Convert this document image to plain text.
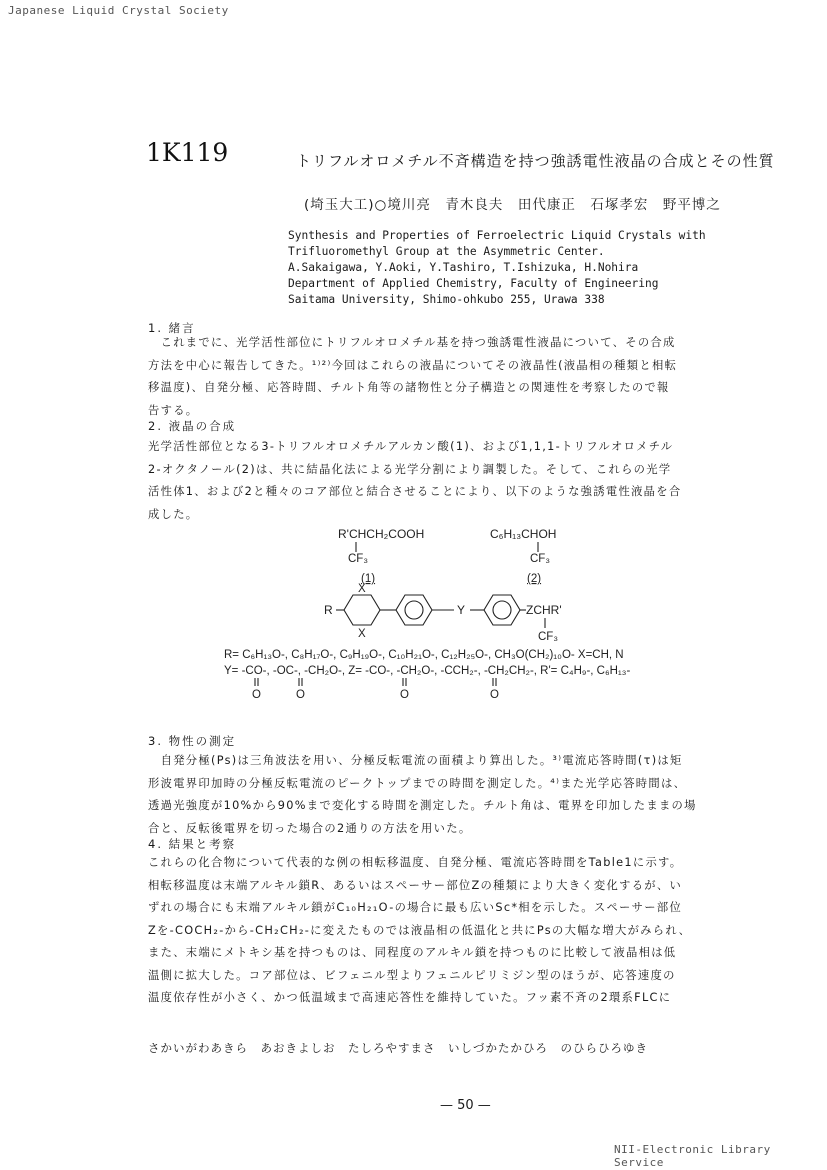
Japanese Liquid Crystal Society
1K119	トリフルオロメチル不斉構造を持つ強誘電性液晶の合成とその性質
(埼玉大工)○境川亮　青木良夫　田代康正　石塚孝宏　野平博之
Synthesis and Properties of Ferroelectric Liquid Crystals with
Trifluoromethyl Group at the Asymmetric Center.
A.Sakaigawa, Y.Aoki, Y.Tashiro, T.Ishizuka, H.Nohira
Department of Applied Chemistry, Faculty of Engineering
Saitama University, Shimo-ohkubo 255, Urawa 338
1. 緒言
　これまでに、光学活性部位にトリフルオロメチル基を持つ強誘電性液晶について、その合成
方法を中心に報告してきた。¹⁾²⁾今回はこれらの液晶についてその液晶性(液晶相の種類と相転
移温度)、自発分極、応答時間、チルト角等の諸物性と分子構造との関連性を考察したので報
告する。
2. 液晶の合成
光学活性部位となる3-トリフルオロメチルアルカン酸(1)、および1,1,1-トリフルオロメチル
2-オクタノール(2)は、共に結晶化法による光学分割により調製した。そして、これらの光学
活性体1、および2と種々のコア部位と結合させることにより、以下のような強誘電性液晶を合
成した。
R'CHCH₂COOH
CF₃
(1)
C₆H₁₃CHOH
CF₃
(2)
R
X
X
Y	ZCHR'
CF₃
R= C₆H₁₃O-, C₈H₁₇O-, C₉H₁₉O-, C₁₀H₂₁O-, C₁₂H₂₅O-, CH₃O(CH₂)₁₀O- X=CH, N
Y= -CO-, -OC-, -CH₂O-, Z= -CO-, -CH₂O-, -CCH₂-, -CH₂CH₂-, R'= C₄H₉-, C₆H₁₃-
O	O	O	O
3. 物性の測定
　自発分極(Ps)は三角波法を用い、分極反転電流の面積より算出した。³⁾電流応答時間(τ)は矩
形波電界印加時の分極反転電流のピークトップまでの時間を測定した。⁴⁾また光学応答時間は、
透過光強度が10%から90%まで変化する時間を測定した。チルト角は、電界を印加したままの場
合と、反転後電界を切った場合の2通りの方法を用いた。
4. 結果と考察
これらの化合物について代表的な例の相転移温度、自発分極、電流応答時間をTable1に示す。
相転移温度は末端アルキル鎖R、あるいはスペーサー部位Zの種類により大きく変化するが、い
ずれの場合にも末端アルキル鎖がC₁₀H₂₁O-の場合に最も広いSc*相を示した。スペーサー部位
Zを-COCH₂-から-CH₂CH₂-に変えたものでは液晶相の低温化と共にPsの大幅な増大がみられ、
また、末端にメトキシ基を持つものは、同程度のアルキル鎖を持つものに比較して液晶相は低
温側に拡大した。コア部位は、ビフェニル型よりフェニルピリミジン型のほうが、応答速度の
温度依存性が小さく、かつ低温域まで高速応答性を維持していた。フッ素不斉の2環系FLCに
さかいがわあきら　あおきよしお　たしろやすまさ　いしづかたかひろ　のひらひろゆき
— 50 —
NII-Electronic Library Service
